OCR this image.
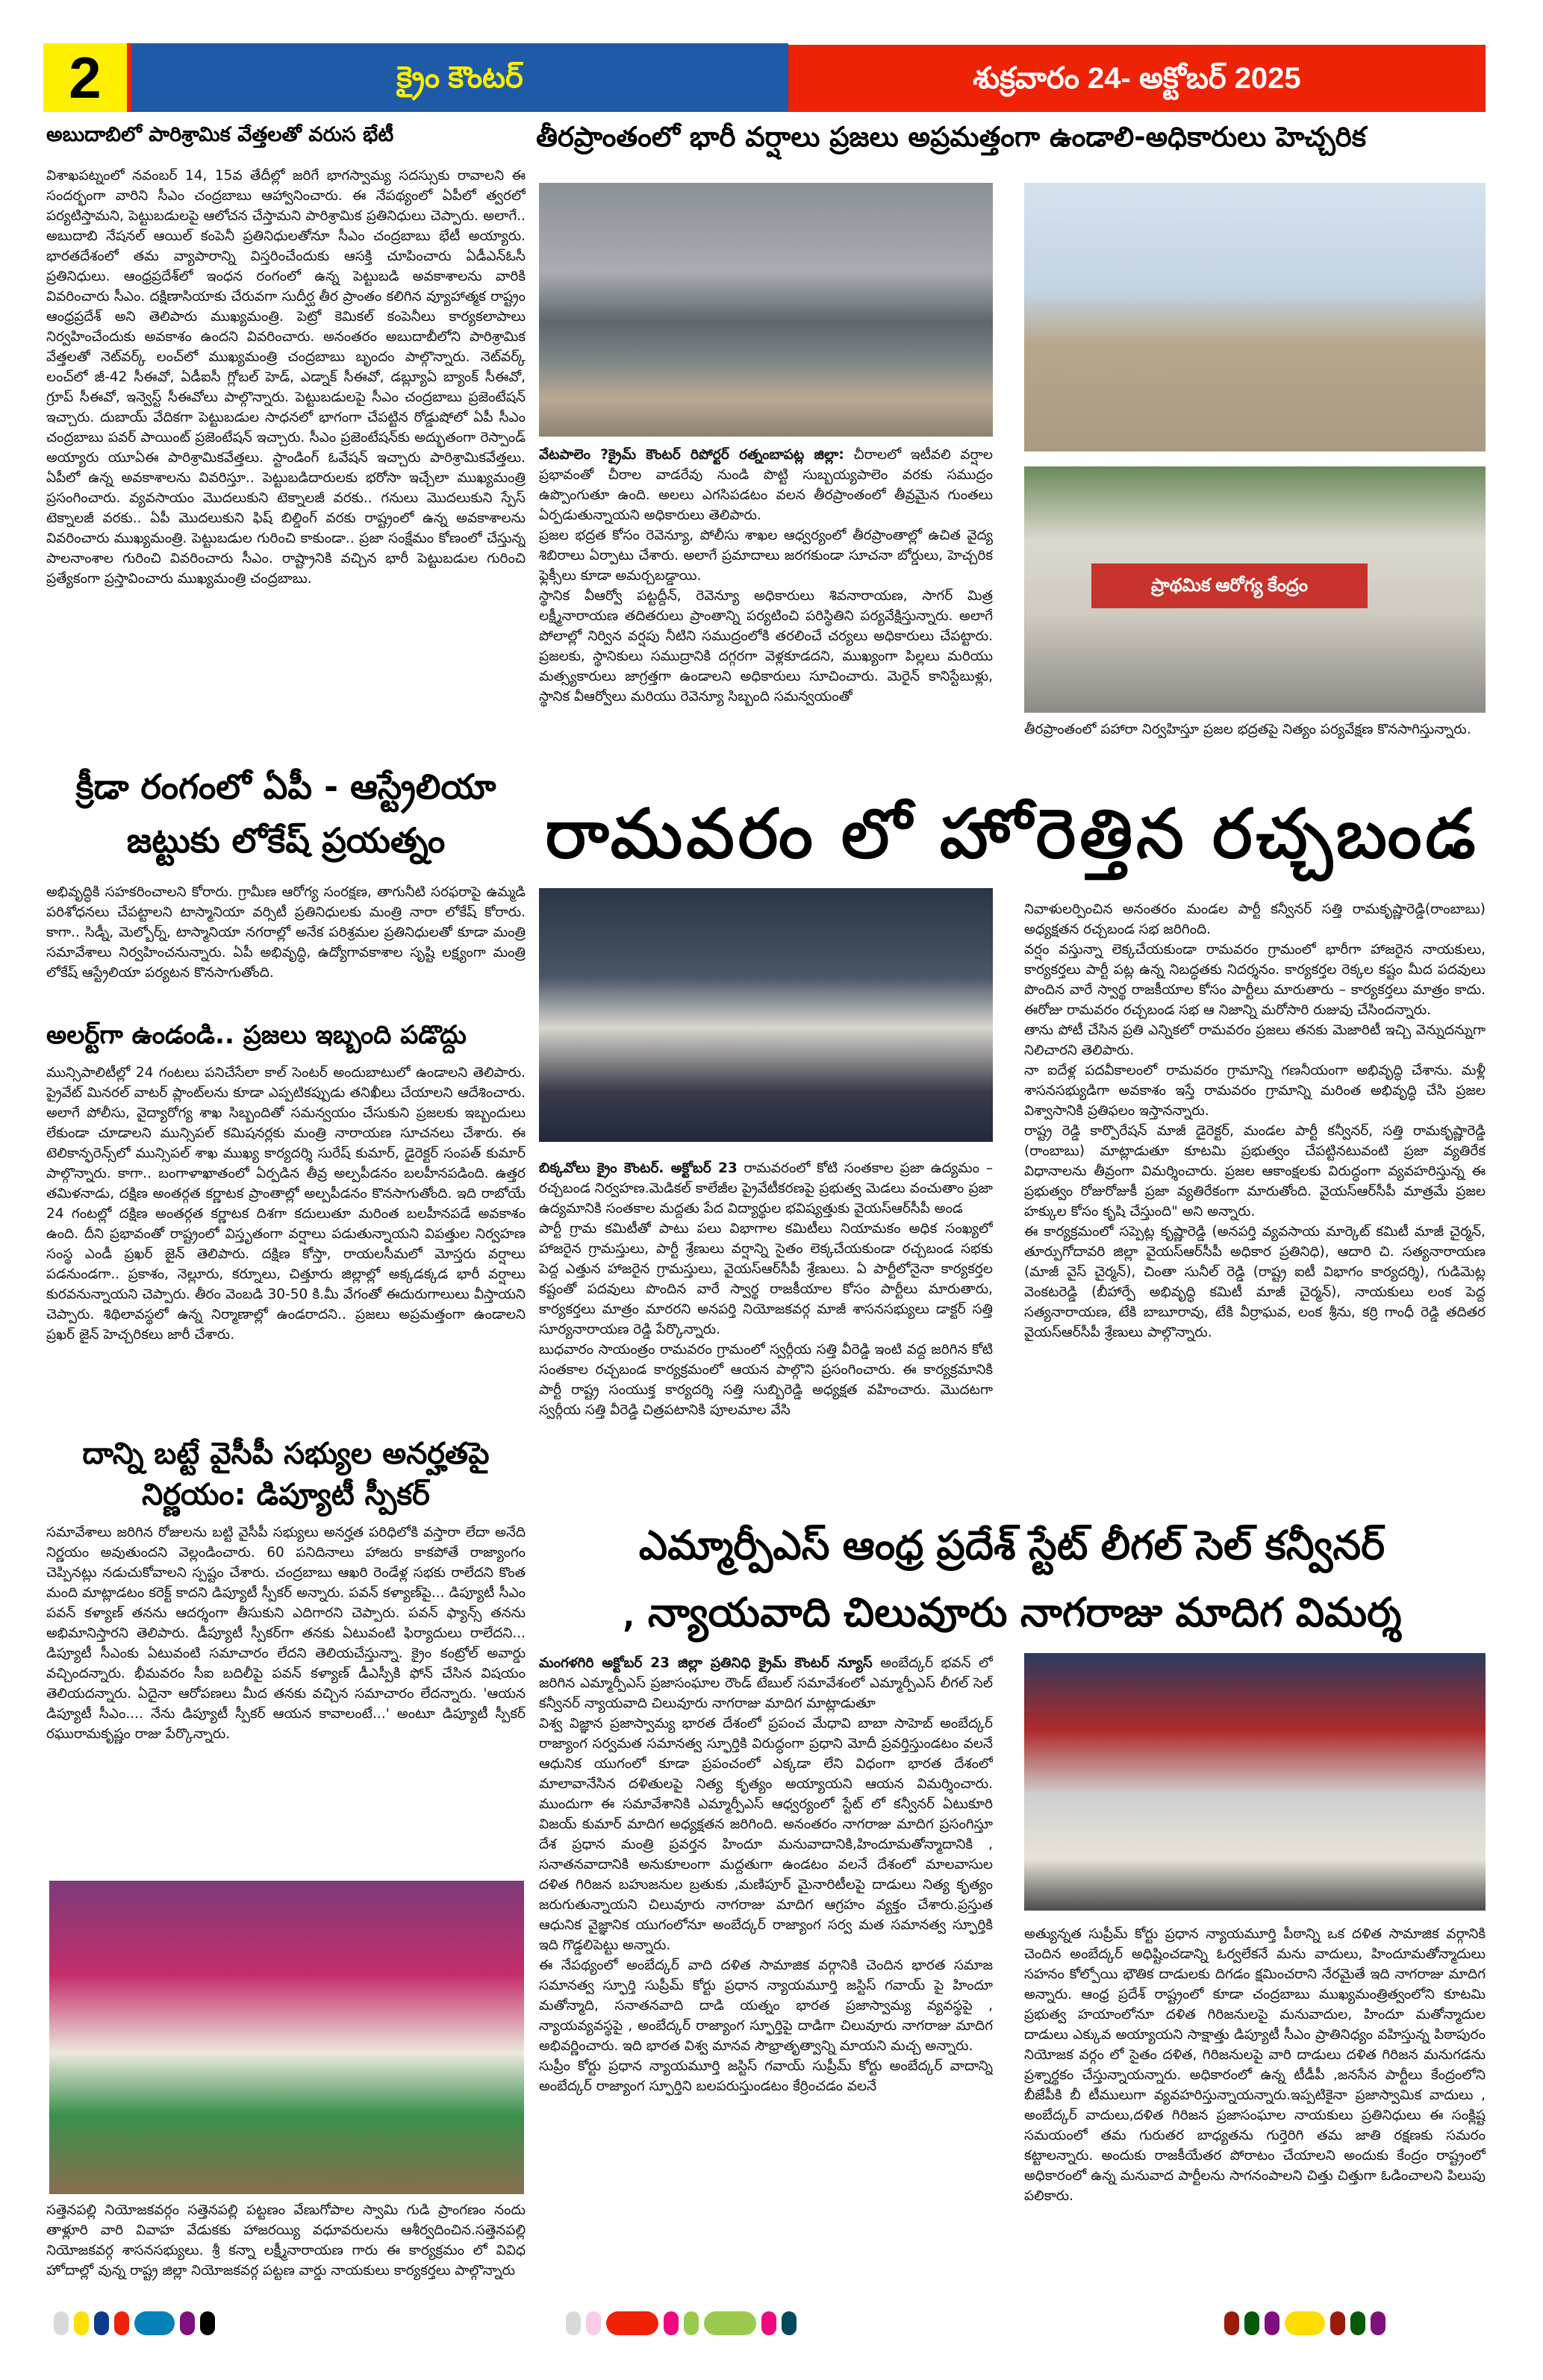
2	క్రైం కౌంటర్	శుక్రవారం 24- అక్టోబర్ 2025
అబుదాబిలో పారిశ్రామిక వేత్తలతో వరుస భేటీ

విశాఖపట్నంలో నవంబర్ 14, 15వ తేదీల్లో జరిగే భాగస్వామ్య సదస్సుకు రావాలని ఈ సందర్భంగా వారిని సీఎం చంద్రబాబు ఆహ్వానించారు. ఈ నేపథ్యంలో ఏపీలో త్వరలో పర్యటిస్తామని, పెట్టుబడులపై ఆలోచన చేస్తామని పారిశ్రామిక ప్రతినిధులు చెప్పారు. అలాగే.. అబుదాబి నేషనల్ ఆయిల్ కంపెనీ ప్రతినిధులతోనూ సీఎం చంద్రబాబు భేటీ అయ్యారు. భారతదేశంలో తమ వ్యాపారాన్ని విస్తరించేందుకు ఆసక్తి చూపించారు ఏడీఎన్ఓసీ ప్రతినిధులు. ఆంధ్రప్రదేశ్‌లో ఇంధన రంగంలో ఉన్న పెట్టుబడి అవకాశాలను వారికి వివరించారు సీఎం. దక్షిణాసియాకు చేరువగా సుదీర్ఘ తీర ప్రాంతం కలిగిన వ్యూహాత్మక రాష్ట్రం ఆంధ్రప్రదేశ్ అని తెలిపారు ముఖ్యమంత్రి. పెట్రో కెమికల్ కంపెనీలు కార్యకలాపాలు నిర్వహించేందుకు అవకాశం ఉందని వివరించారు. అనంతరం అబుదాబీలోని పారిశ్రామిక వేత్తలతో నెట్‌వర్క్ లంచ్‌లో ముఖ్యమంత్రి చంద్రబాబు బృందం పాల్గొన్నారు. నెట్‌వర్క్ లంచ్‌లో జీ-42 సీఈవో, ఏడీఐసీ గ్లోబల్ హెడ్, ఎడ్నాక్ సీఈవో, డబ్ల్యూఏ బ్యాంక్ సీఈవో, గ్రూప్ సీఈవో, ఇన్వెస్ట్ సీఈవోలు పాల్గొన్నారు. పెట్టుబడులపై సీఎం చంద్రబాబు ప్రజెంటేషన్ ఇచ్చారు. దుబాయ్ వేదికగా పెట్టుబడుల సాధనలో భాగంగా చేపట్టిన రోడ్డుషోలో ఏపీ సీఎం చంద్రబాబు పవర్ పాయింట్ ప్రజెంటేషన్ ఇచ్చారు. సీఎం ప్రజెంటేషన్‌కు అద్భుతంగా రెస్పాండ్ అయ్యారు యూఏఈ పారిశ్రామికవేత్తలు. స్టాండింగ్ ఓవేషన్ ఇచ్చారు పారిశ్రామికవేత్తలు. ఏపీలో ఉన్న అవకాశాలను వివరిస్తూ.. పెట్టుబడిదారులకు భరోసా ఇచ్చేలా ముఖ్యమంత్రి ప్రసంగించారు. వ్యవసాయం మొదలుకుని టెక్నాలజీ వరకు.. గనులు మొదలుకుని స్పేస్ టెక్నాలజీ వరకు.. ఏపీ మొదలుకుని ఫిష్ బిల్డింగ్ వరకు రాష్ట్రంలో ఉన్న అవకాశాలను వివరించారు ముఖ్యమంత్రి. పెట్టుబడుల గురించి కాకుండా.. ప్రజా సంక్షేమం కోణంలో చేస్తున్న పాలనాంశాల గురించి వివరించారు సీఎం. రాష్ట్రానికి వచ్చిన భారీ పెట్టుబడుల గురించి ప్రత్యేకంగా ప్రస్తావించారు ముఖ్యమంత్రి చంద్రబాబు.

క్రీడా రంగంలో ఏపీ - ఆస్ట్రేలియా
జట్టుకు లోకేష్ ప్రయత్నం

అభివృద్ధికి సహకరించాలని కోరారు. గ్రామీణ ఆరోగ్య సంరక్షణ, తాగునీటి సరఫరాపై ఉమ్మడి పరిశోధనలు చేపట్టాలని టాస్మానియా వర్సిటీ ప్రతినిధులకు మంత్రి నారా లోకేష్ కోరారు. కాగా.. సిడ్నీ, మెల్బోర్న్, టాస్మానియా నగరాల్లో అనేక పరిశ్రమల ప్రతినిధులతో కూడా మంత్రి సమావేశాలు నిర్వహించనున్నారు. ఏపీ అభివృద్ధి, ఉద్యోగావకాశాల సృష్టి లక్ష్యంగా మంత్రి లోకేష్ ఆస్ట్రేలియా పర్యటన కొనసాగుతోంది.

అలర్ట్‌గా ఉండండి.. ప్రజలు ఇబ్బంది పడొద్దు

మున్సిపాలిటీల్లో 24 గంటలు పనిచేసేలా కాల్ సెంటర్ అందుబాటులో ఉండాలని తెలిపారు. ప్రైవేట్ మినరల్ వాటర్ ప్లాంట్‌లను కూడా ఎప్పటికప్పుడు తనిఖీలు చేయాలని ఆదేశించారు. అలాగే పోలీసు, వైద్యారోగ్య శాఖ సిబ్బందితో సమన్వయం చేసుకుని ప్రజలకు ఇబ్బందులు లేకుండా చూడాలని మున్సిపల్ కమిషనర్లకు మంత్రి నారాయణ సూచనలు చేశారు. ఈ టెలికాన్ఫరెన్స్‌లో మున్సిపల్ శాఖ ముఖ్య కార్యదర్శి సురేష్ కుమార్, డైరెక్టర్ సంపత్ కుమార్ పాల్గొన్నారు. కాగా.. బంగాళాఖాతంలో ఏర్పడిన తీవ్ర అల్పపీడనం బలహీనపడింది. ఉత్తర తమిళనాడు, దక్షిణ అంతర్గత కర్ణాటక ప్రాంతాల్లో అల్పపీడనం కొనసాగుతోంది. ఇది రాబోయే 24 గంటల్లో దక్షిణ అంతర్గత కర్ణాటక దిశగా కదులుతూ మరింత బలహీనపడే అవకాశం ఉంది. దీని ప్రభావంతో రాష్ట్రంలో విస్తృతంగా వర్షాలు పడుతున్నాయని విపత్తుల నిర్వహణ సంస్థ ఎండీ ప్రఖర్ జైన్ తెలిపారు. దక్షిణ కోస్తా, రాయలసీమలో మోస్తరు వర్షాలు పడనుండగా.. ప్రకాశం, నెల్లూరు, కర్నూలు, చిత్తూరు జిల్లాల్లో అక్కడక్కడ భారీ వర్షాలు కురవనున్నాయని చెప్పారు. తీరం వెంబడి 30-50 కి.మీ వేగంతో ఈదురుగాలులు వీస్తాయని చెప్పారు. శిథిలావస్థలో ఉన్న నిర్మాణాల్లో ఉండరాదని.. ప్రజలు అప్రమత్తంగా ఉండాలని ప్రఖర్ జైన్ హెచ్చరికలు జారీ చేశారు.

దాన్ని బట్టే వైసీపీ సభ్యుల అనర్హతపై
నిర్ణయం: డిప్యూటీ స్పీకర్

సమావేశాలు జరిగిన రోజులను బట్టి వైసీపీ సభ్యులు అనర్హత పరిధిలోకి వస్తారా లేదా అనేది నిర్ణయం అవుతుందని వెల్లండించారు. 60 పనిదినాలు హాజరు కాకపోతే రాజ్యాంగం చెప్పినట్లు నడుచుకోవాలని స్పష్టం చేశారు. చంద్రబాబు ఆఖరి రెండేళ్ల సభకు రాలేదని కొంత మంది మాట్లాడటం కరెక్ట్ కాదని డిప్యూటీ స్పీకర్ అన్నారు. పవన్ కళ్యాణ్‌పై... డిప్యూటీ సీఎం పవన్ కళ్యాణ్ తనను ఆదర్శంగా తీసుకుని ఎదిగారని చెప్పారు. పవన్ ఫ్యాన్స్ తనను అభిమానిస్తారని తెలిపారు. డీప్యూటీ స్పీకర్‌గా తనకు ఏటువంటి ఫిర్యాదులు రాలేదని... డిప్యూటీ సీఎంకు ఏటువంటి సమాచారం లేదని తెలియచేస్తున్నా. క్రైం కంట్రోల్ అవార్డు వచ్చిందన్నారు. భీమవరం సీఐ బదిలీపై పవన్ కళ్యాణ్ డీఎస్పీకి ఫోన్ చేసిన విషయం తెలియదన్నారు. ఏదైనా ఆరోపణలు మీద తనకు వచ్చిన సమాచారం లేదన్నారు. 'ఆయన డిప్యూటీ సీఎం.... నేను డిప్యూటీ స్పీకర్ ఆయన కావాలంటే...' అంటూ డిప్యూటీ స్పీకర్ రఘురామకృష్ణం రాజు పేర్కొన్నారు.

సత్తెనపల్లి నియోజకవర్గం సత్తెనపల్లి పట్టణం వేణుగోపాల స్వామి గుడి ప్రాంగణం నందు తాళ్లూరి వారి వివాహ వేడుకకు హాజరయ్యి వధూవరులను ఆశీర్వదించిన.సత్తెనపల్లి నియోజకవర్గ శాసనసభ్యులు. శ్రీ కన్నా లక్ష్మీనారాయణ గారు ఈ కార్యక్రమం లో వివిధ హోదాల్లో వున్న రాష్ట్ర జిల్లా నియోజకవర్గ పట్టణ వార్డు నాయకులు కార్యకర్తలు పాల్గొన్నారు
తీరప్రాంతంలో భారీ వర్షాలు ప్రజలు అప్రమత్తంగా ఉండాలి-అధికారులు హెచ్చరిక
ప్రాథమిక ఆరోగ్య కేంద్రం
తీరప్రాంతంలో పహారా నిర్వహిస్తూ ప్రజల భద్రతపై నిత్యం పర్యవేక్షణ కొనసాగిస్తున్నారు.

వేటపాలెం ?క్రైమ్ కౌంటర్ రిపోర్టర్ రత్నంబాపట్ల జిల్లా: చీరాలలో ఇటీవలి వర్షాల ప్రభావంతో చీరాల వాడరేవు నుండి పొట్టి సుబ్బయ్యపాలెం వరకు సముద్రం ఉప్పొంగుతూ ఉంది. అలలు ఎగసిపడటం వలన తీరప్రాంతంలో తీవ్రమైన గుంతలు ఏర్పడుతున్నాయని అధికారులు తెలిపారు.

ప్రజల భద్రత కోసం రెవెన్యూ, పోలీసు శాఖల ఆధ్వర్యంలో తీరప్రాంతాల్లో ఉచిత వైద్య శిబిరాలు ఏర్పాటు చేశారు. అలాగే ప్రమాదాలు జరగకుండా సూచనా బోర్డులు, హెచ్చరిక ఫ్లెక్సీలు కూడా అమర్చబడ్డాయి.

స్థానిక వీఆర్వో పట్టద్దీన్, రెవెన్యూ అధికారులు శివనారాయణ, సాగర్ మిత్ర లక్ష్మీనారాయణ తదితరులు ప్రాంతాన్ని పర్యటించి పరిస్థితిని పర్యవేక్షిస్తున్నారు. అలాగే పోలాల్లో నిర్విన వర్షపు నీటిని సముద్రంలోకి తరలించే చర్యలు అధికారులు చేపట్టారు. ప్రజలకు, స్థానికులు సముద్రానికి దగ్గరగా వెళ్లకూడదని, ముఖ్యంగా పిల్లలు మరియు మత్స్యకారులు జాగ్రత్తగా ఉండాలని అధికారులు సూచించారు. మెరైన్ కానిస్టేబుళ్లు, స్థానిక వీఆర్వోలు మరియు రెవెన్యూ సిబ్బంది సమన్వయంతో

రామవరం లో హోరెత్తిన రచ్చబండ

బిక్కవోలు క్రైం కౌంటర్. అక్టోబర్ 23 రామవరంలో కోటి సంతకాల ప్రజా ఉద్యమం – రచ్చబండ నిర్వహణ.మెడికల్ కాలేజీల ప్రైవేటీకరణపై ప్రభుత్వ మెడలు వంచుతాం ప్రజా ఉద్యమానికి సంతకాల మద్దతు పేద విద్యార్థుల భవిష్యత్తుకు వైయస్ఆర్‌సీపీ అండ

పార్టీ గ్రామ కమిటీతో పాటు పలు విభాగాల కమిటీలు నియామకం అధిక సంఖ్యలో హాజరైన గ్రామస్తులు, పార్టీ శ్రేణులు వర్షాన్ని సైతం లెక్కచేయకుండా రచ్చబండ సభకు పెద్ద ఎత్తున హాజరైన గ్రామస్తులు, వైయస్ఆర్‌సీపీ శ్రేణులు. ఏ పార్టీలోనైనా కార్యకర్తల కష్టంతో పదవులు పొందిన వారే స్వార్థ రాజకీయాల కోసం పార్టీలు మారుతారు, కార్యకర్తలు మాత్రం మారరని అనపర్తి నియోజకవర్గ మాజీ శాసనసభ్యులు డాక్టర్ సత్తి సూర్యనారాయణ రెడ్డి పేర్కొన్నారు.

బుధవారం సాయంత్రం రామవరం గ్రామంలో స్వర్గీయ సత్తి వీరెడ్డి ఇంటి వద్ద జరిగిన కోటి సంతకాల రచ్చబండ కార్యక్రమంలో ఆయన పాల్గొని ప్రసంగించారు. ఈ కార్యక్రమానికి పార్టీ రాష్ట్ర సంయుక్త కార్యదర్శి సత్తి సుబ్బిరెడ్డి అధ్యక్షత వహించారు. మొదటగా స్వర్గీయ సత్తి వీరెడ్డి చిత్రపటానికి పూలమాల వేసి

నివాళులర్పించిన అనంతరం మండల పార్టీ కన్వీనర్ సత్తి రామకృష్ణారెడ్డి(రాంబాబు) అధ్యక్షతన రచ్చబండ సభ జరిగింది.

వర్షం వస్తున్నా లెక్కచేయకుండా రామవరం గ్రామంలో భారీగా హాజరైన నాయకులు, కార్యకర్తలు పార్టీ పట్ల ఉన్న నిబద్ధతకు నిదర్శనం. కార్యకర్తల రెక్కల కష్టం మీద పదవులు పొందిన వారే స్వార్థ రాజకీయాల కోసం పార్టీలు మారుతారు – కార్యకర్తలు మాత్రం కాదు. ఈరోజు రామవరం రచ్చబండ సభ ఆ నిజాన్ని మరోసారి రుజువు చేసిందన్నారు.

తాను పోటీ చేసిన ప్రతి ఎన్నికలో రామవరం ప్రజలు తనకు మెజారిటీ ఇచ్చి వెన్నుదన్నుగా నిలిచారని తెలిపారు.

నా ఐదేళ్ల పదవీకాలంలో రామవరం గ్రామాన్ని గణనీయంగా అభివృద్ధి చేశాను. మళ్లీ శాసనసభ్యుడిగా అవకాశం ఇస్తే రామవరం గ్రామాన్ని మరింత అభివృద్ధి చేసి ప్రజల విశ్వాసానికి ప్రతిఫలం ఇస్తానన్నారు.

రాష్ట్ర రెడ్డి కార్పొరేషన్ మాజీ డైరెక్టర్, మండల పార్టీ కన్వీనర్, సత్తి రామకృష్ణారెడ్డి (రాంబాబు) మాట్లాడుతూ కూటమి ప్రభుత్వం చేపట్టినటువంటి ప్రజా వ్యతిరేక విధానాలను తీవ్రంగా విమర్శించారు. ప్రజల ఆకాంక్షలకు విరుద్ధంగా వ్యవహరిస్తున్న ఈ ప్రభుత్వం రోజురోజుకీ ప్రజా వ్యతిరేకంగా మారుతోంది. వైయస్ఆర్‌సీపీ మాత్రమే ప్రజల హక్కుల కోసం కృషి చేస్తుంది" అని అన్నారు.

ఈ కార్యక్రమంలో సప్పెట్ల కృష్ణారెడ్డి (అనపర్తి వ్యవసాయ మార్కెట్ కమిటీ మాజీ చైర్మన్, తూర్పుగోదావరి జిల్లా వైయస్ఆర్‌సీపీ అధికార ప్రతినిధి), ఆదారి చి. సత్యనారాయణ (మాజీ వైస్ చైర్మన్), చింతా సునీల్ రెడ్డి (రాష్ట్ర ఐటీ విభాగం కార్యదర్శి), గుడిమెట్ల వెంకటరెడ్డి (బీహార్పే అభివృద్ధి కమిటీ మాజీ చైర్మన్), నాయకులు లంక పెద్ద సత్యనారాయణ, టేకి బాబూరావు, టేకి వీర్రాఘవ, లంక శ్రీను, కర్రి గాంధీ రెడ్డి తదితర వైయస్ఆర్‌సీపీ శ్రేణులు పాల్గొన్నారు.

ఎమ్మార్పీఎస్ ఆంధ్ర ప్రదేశ్ స్టేట్ లీగల్ సెల్ కన్వీనర్
, న్యాయవాది చిలువూరు నాగరాజు మాదిగ విమర్శ

మంగళగిరి అక్టోబర్ 23 జిల్లా ప్రతినిధి క్రైమ్ కౌంటర్ న్యూస్ అంబేద్కర్ భవన్ లో జరిగిన ఎమ్మార్పీఎస్ ప్రజాసంఘాల రౌండ్ టేబుల్ సమావేశంలో ఎమ్మార్పీఎస్ లీగల్ సెల్ కన్వీనర్ న్యాయవాది చిలువూరు నాగరాజు మాదిగ మాట్లాడుతూ

విశ్వ విజ్ఞాన ప్రజాస్వామ్య భారత దేశంలో ప్రపంచ మేధావి బాబా సాహెబ్ అంబేద్కర్ రాజ్యాంగ సర్వమత సమానత్వ స్ఫూర్తికి విరుద్ధంగా ప్రధాని మోదీ ప్రవర్తిస్తుండటం వలనే ఆధునిక యుగంలో కూడా ప్రపంచంలో ఎక్కడా లేని విధంగా భారత దేశంలో మాలావానేసిన దళితులపై నిత్య కృత్యం అయ్యాయని ఆయన విమర్శించారు. ముందుగా ఈ సమావేశానికి ఎమ్మార్పీఎస్ ఆధ్వర్యంలో స్టేట్ లో కన్వీనర్ ఏటుకూరి విజయ్ కుమార్ మాదిగ అధ్యక్షతన జరిగింది. అనంతరం నాగరాజు మాదిగ ప్రసంగిస్తూ దేశ ప్రధాన మంత్రి ప్రవర్తన హిందూ మనువాదానికి,హిందూమతోన్మాదానికి , సనాతనవాదానికి అనుకూలంగా మద్దతుగా ఉండటం వలనే దేశంలో మాలవాసుల దళిత గిరిజన బహుజనుల బ్రతుకు ,మణిపూర్ మైనారిటీలపై దాడులు నిత్య కృత్యం జరుగుతున్నాయని చిలువూరు నాగరాజు మాదిగ ఆగ్రహం వ్యక్తం చేశారు.ప్రస్తుత ఆధునిక వైజ్ఞానిక యుగంలోనూ అంబేద్కర్ రాజ్యాంగ సర్వ మత సమానత్వ స్ఫూర్తికి ఇది గొడ్డలిపెట్టు అన్నారు.

ఈ నేపథ్యంలో అంబేద్కర్ వాది దళిత సామాజిక వర్గానికి చెందిన భారత సమాజ సమానత్వ స్ఫూర్తి సుప్రీమ్ కోర్టు ప్రధాన న్యాయమూర్తి జస్టిస్ గవాయ్ పై హిందూ మతోన్మాది, సనాతనవాది దాడి యత్నం భారత ప్రజాస్వామ్య వ్యవస్థపై , న్యాయవ్యవస్థపై , అంబేద్కర్ రాజ్యాంగ స్ఫూర్తిపై దాడిగా చిలువూరు నాగరాజు మాదిగ అభివర్ణించారు. ఇది భారత విశ్వ మానవ సౌభ్రాతృత్వాన్ని మాయని మచ్చ అన్నారు.

సుప్రీం కోర్టు ప్రధాన న్యాయమూర్తి జస్టిస్ గవాయ్ సుప్రీమ్ కోర్టు అంబేద్కర్ వాదాన్ని అంబేద్కర్ రాజ్యాంగ స్ఫూర్తిని బలపరుస్తుండటం కేర్రించడం వలనే

అత్యున్నత సుప్రీమ్ కోర్టు ప్రధాన న్యాయమూర్తి పీఠాన్ని ఒక దళిత సామాజిక వర్గానికి చెందిన అంబేద్కర్ అధిష్టించడాన్ని ఓర్వలేకనే మను వాదులు, హిందూమతోన్మాదులు సహనం కోల్పోయి భౌతిక దాడులకు దిగడం క్షమించరాని నేరమైతే ఇది నాగరాజు మాదిగ అన్నారు. ఆంధ్ర ప్రదేశ్ రాష్ట్రంలో కూడా చంద్రబాబు ముఖ్యమంత్రిత్వంలోని కూటమి ప్రభుత్వ హయాంలోనూ దళిత గిరిజనులపై మనువాదుల, హిందూ మతోన్మాదుల దాడులు ఎక్కువ అయ్యాయని సాక్షాత్తు డిప్యూటీ సీఎం ప్రాతినిధ్యం వహిస్తున్న పిఠాపురం నియోజక వర్గం లో సైతం దళిత, గిరిజనులపై వారి దాడులు దళిత గిరిజన మనుగడను ప్రశ్నార్థకం చేస్తున్నాయన్నారు. అధికారంలో ఉన్న టీడీపీ ,జనసేన పార్టీలు కేంద్రంలోని బీజేపీకి బీ టీములుగా వ్యవహరిస్తున్నాయన్నారు.ఇప్పటికైనా ప్రజాస్వామిక వాదులు , అంబేద్కర్ వాదులు,దళిత గిరిజన ప్రజాసంఘాల నాయకులు ప్రతినిధులు ఈ సంక్లిష్ట సమయంలో తమ గురుతర బాధ్యతను గుర్తెరిగి తమ జాతి రక్షణకు సమరం కట్టాలన్నారు. అందుకు రాజకీయేతర పోరాటం చేయాలని అందుకు కేంద్రం రాష్ట్రంలో అధికారంలో ఉన్న మనువాద పార్టీలను సాగనంపాలని చిత్తు చిత్తుగా ఓడించాలని పిలుపు పలికారు.
